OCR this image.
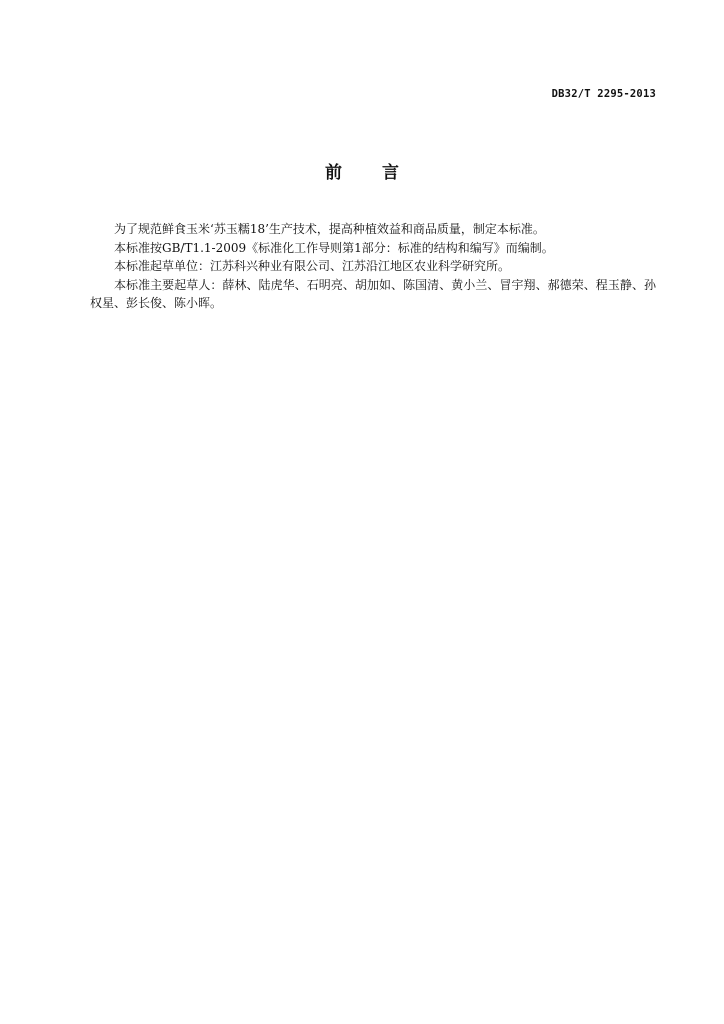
DB32/T 2295-2013
前言

为了规范鲜食玉米‘苏玉糯18’生产技术，提高种植效益和商品质量，制定本标准。

本标准按GB/T1.1-2009《标准化工作导则第1部分：标准的结构和编写》而编制。

本标准起草单位：江苏科兴种业有限公司、江苏沿江地区农业科学研究所。

本标准主要起草人：薛林、陆虎华、石明亮、胡加如、陈国清、黄小兰、冒宇翔、郝德荣、程玉静、孙权星、彭长俊、陈小晖。
